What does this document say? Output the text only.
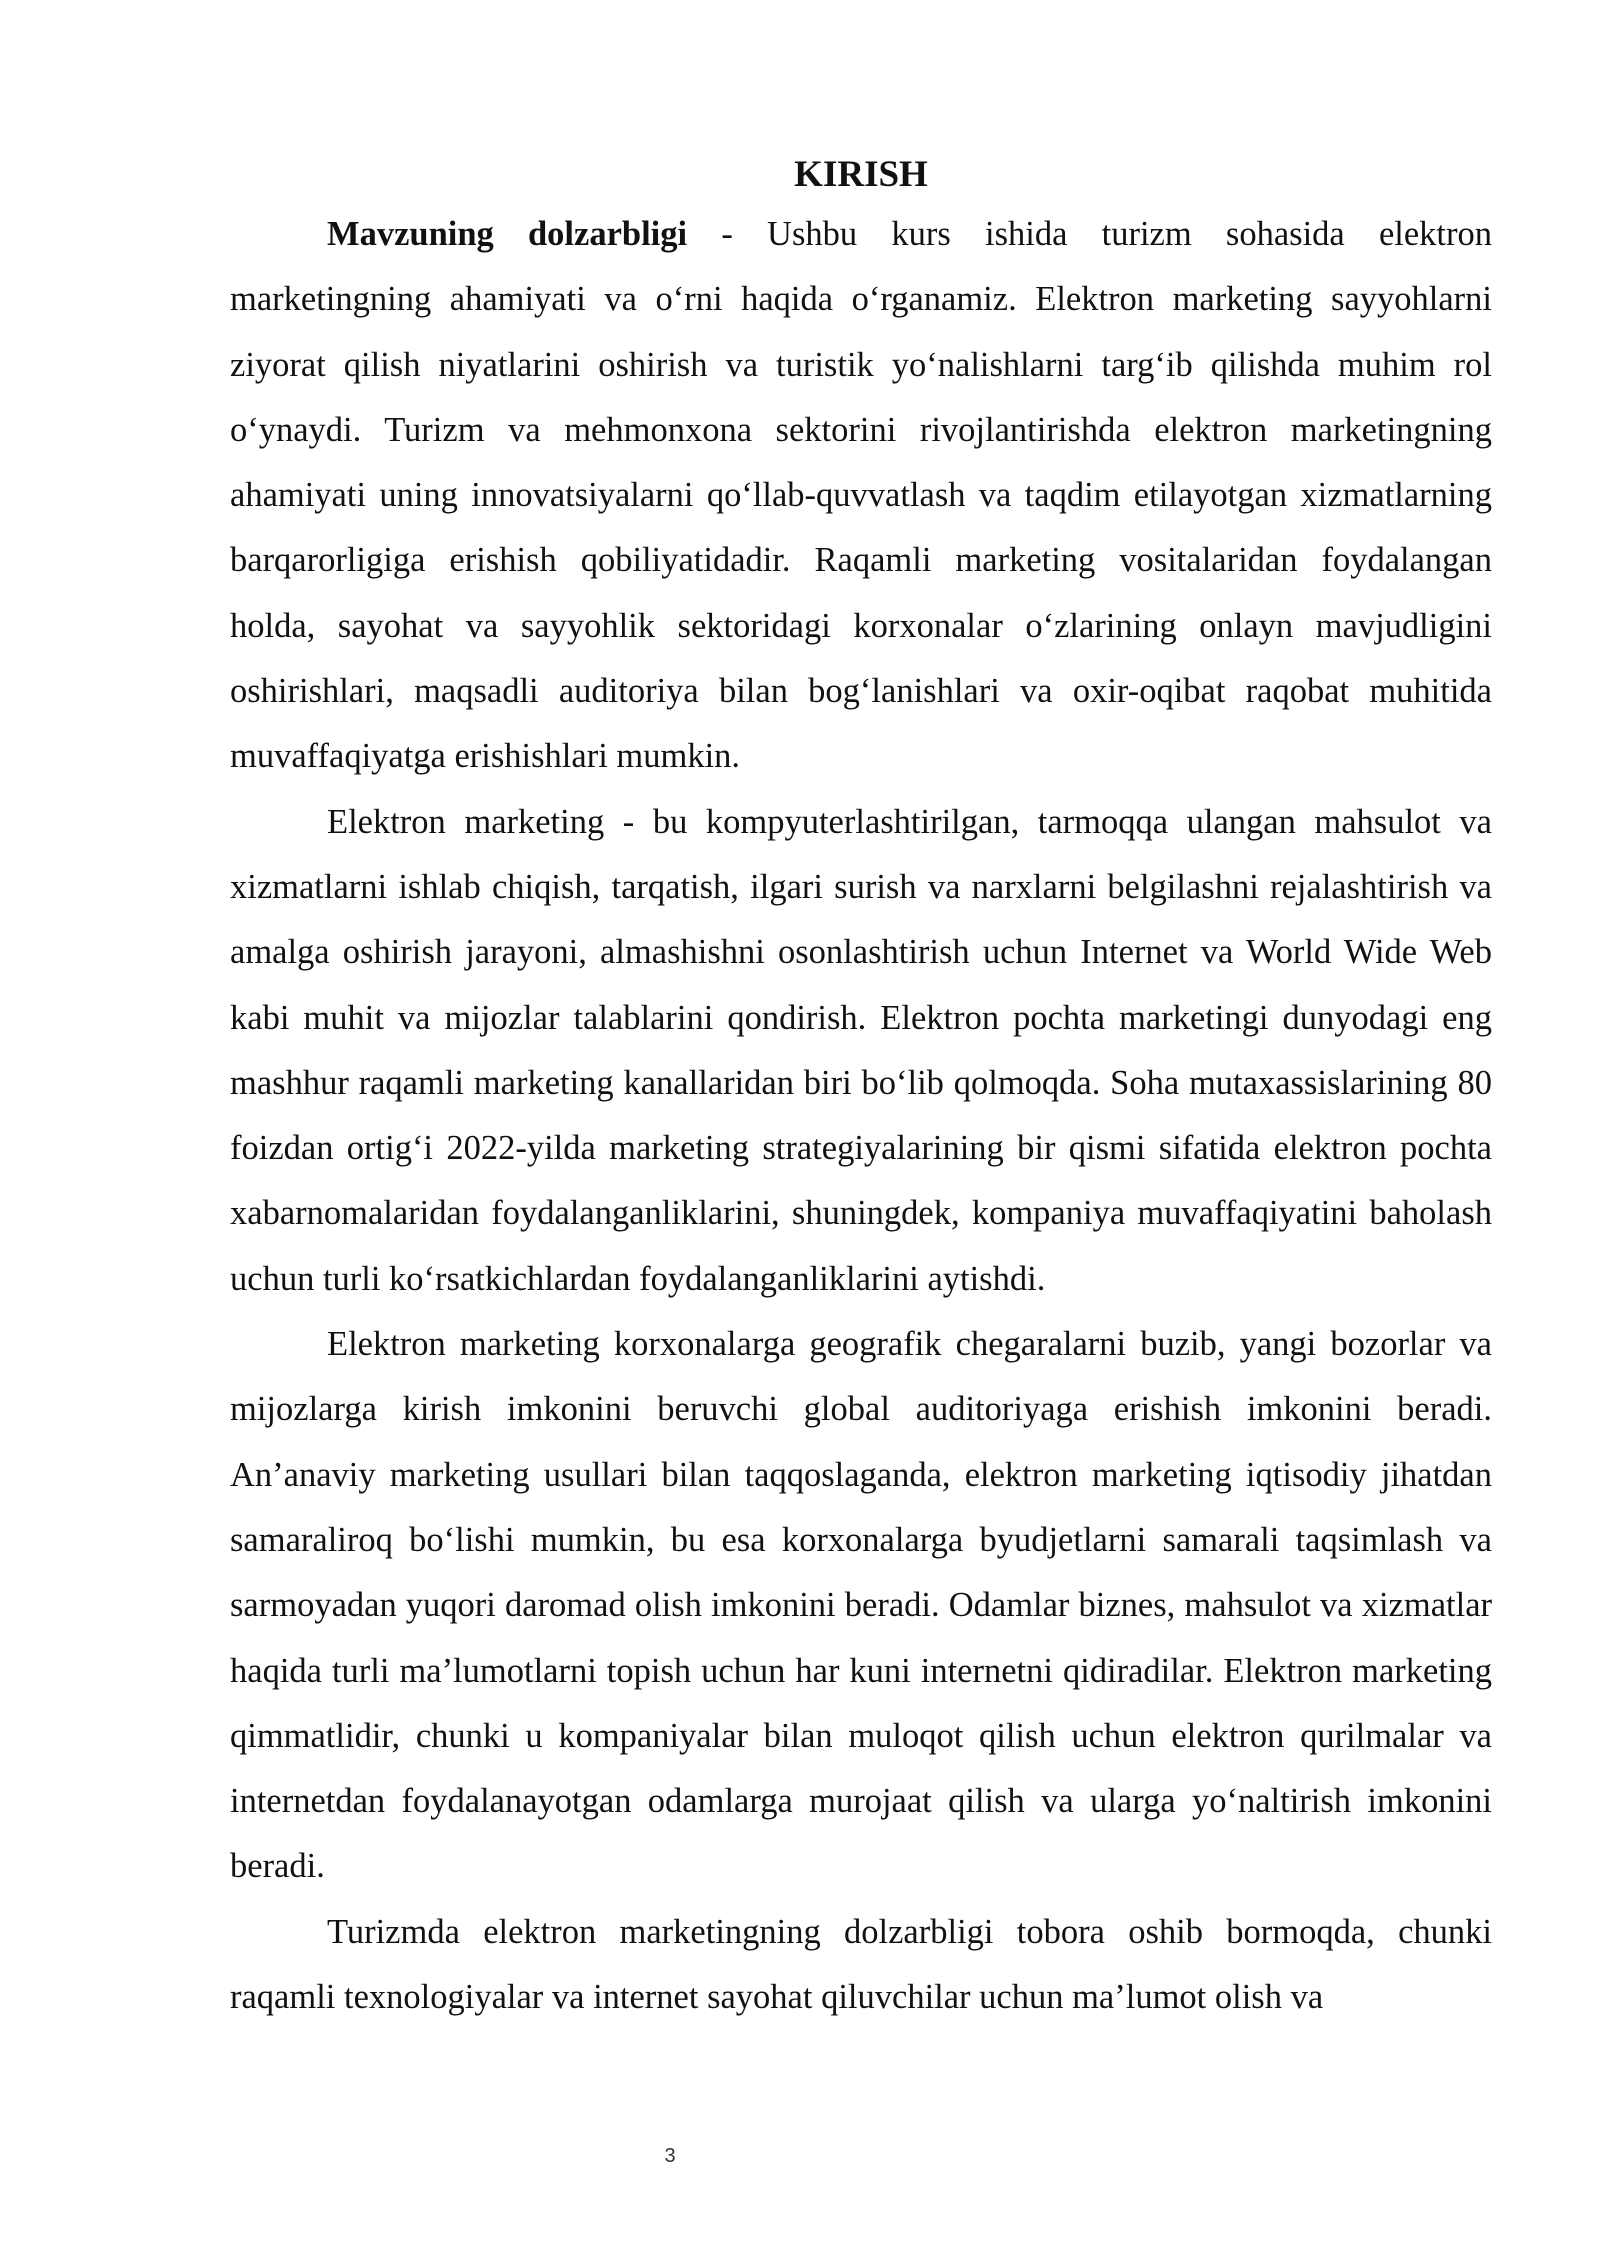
KIRISH

Mavzuning dolzarbligi - Ushbu kurs ishida turizm sohasida elektron marketingning ahamiyati va o‘rni haqida o‘rganamiz. Elektron marketing sayyohlarni ziyorat qilish niyatlarini oshirish va turistik yo‘nalishlarni targ‘ib qilishda muhim rol o‘ynaydi. Turizm va mehmonxona sektorini rivojlantirishda elektron marketingning ahamiyati uning innovatsiyalarni qo‘llab-quvvatlash va taqdim etilayotgan xizmatlarning barqarorligiga erishish qobiliyatidadir. Raqamli marketing vositalaridan foydalangan holda, sayohat va sayyohlik sektoridagi korxonalar o‘zlarining onlayn mavjudligini oshirishlari, maqsadli auditoriya bilan bog‘lanishlari va oxir-oqibat raqobat muhitida muvaffaqiyatga erishishlari mumkin.

Elektron marketing - bu kompyuterlashtirilgan, tarmoqqa ulangan mahsulot va xizmatlarni ishlab chiqish, tarqatish, ilgari surish va narxlarni belgilashni rejalashtirish va amalga oshirish jarayoni, almashishni osonlashtirish uchun Internet va World Wide Web kabi muhit va mijozlar talablarini qondirish. Elektron pochta marketingi dunyodagi eng mashhur raqamli marketing kanallaridan biri bo‘lib qolmoqda. Soha mutaxassislarining 80 foizdan ortig‘i 2022-yilda marketing strategiyalarining bir qismi sifatida elektron pochta xabarnomalaridan foydalanganliklarini, shuningdek, kompaniya muvaffaqiyatini baholash uchun turli ko‘rsatkichlardan foydalanganliklarini aytishdi.

Elektron marketing korxonalarga geografik chegaralarni buzib, yangi bozorlar va mijozlarga kirish imkonini beruvchi global auditoriyaga erishish imkonini beradi. An’anaviy marketing usullari bilan taqqoslaganda, elektron marketing iqtisodiy jihatdan samaraliroq bo‘lishi mumkin, bu esa korxonalarga byudjetlarni samarali taqsimlash va sarmoyadan yuqori daromad olish imkonini beradi. Odamlar biznes, mahsulot va xizmatlar haqida turli ma’lumotlarni topish uchun har kuni internetni qidiradilar. Elektron marketing qimmatlidir, chunki u kompaniyalar bilan muloqot qilish uchun elektron qurilmalar va internetdan foydalanayotgan odamlarga murojaat qilish va ularga yo‘naltirish imkonini beradi.

Turizmda elektron marketingning dolzarbligi tobora oshib bormoqda, chunki raqamli texnologiyalar va internet sayohat qiluvchilar uchun ma’lumot olish va

3
